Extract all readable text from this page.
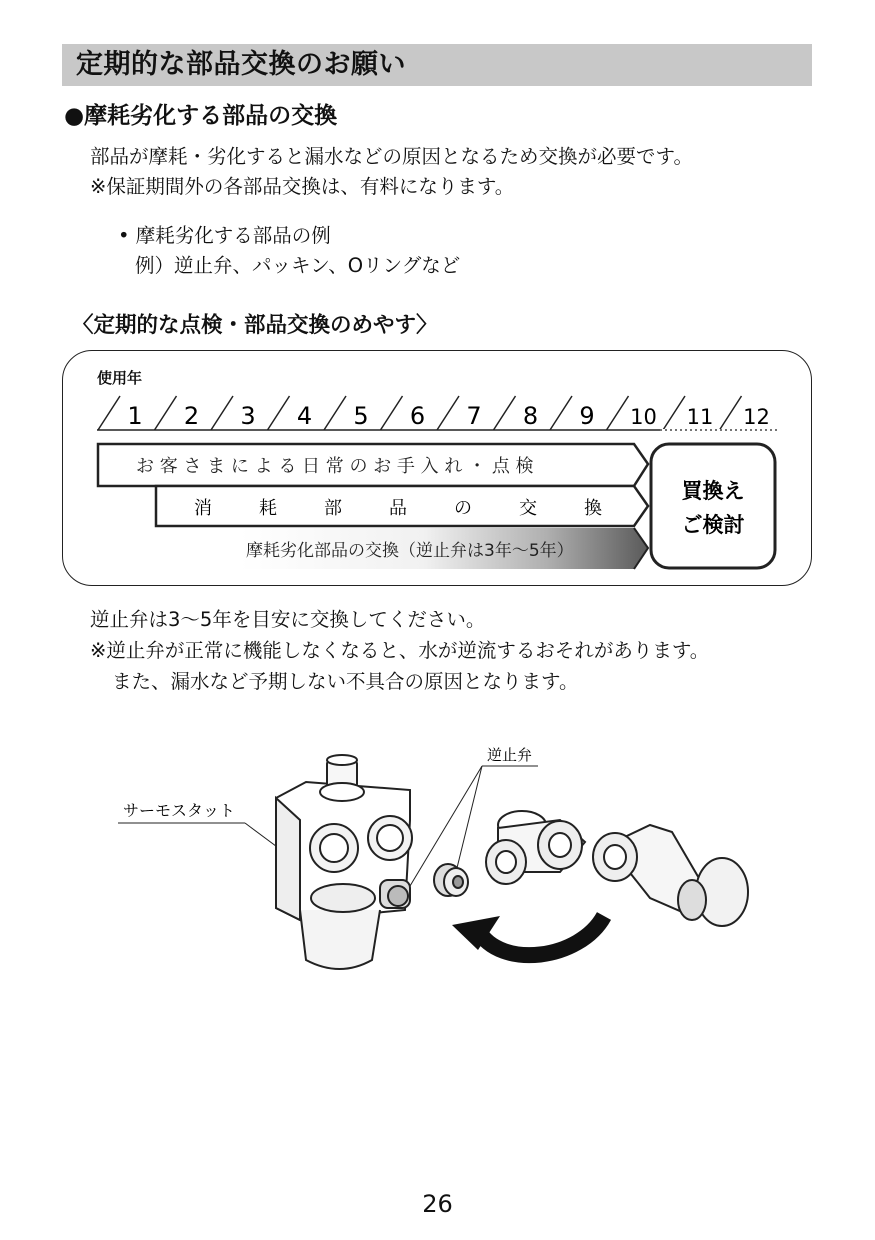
定期的な部品交換のお願い
●摩耗劣化する部品の交換
部品が摩耗・劣化すると漏水などの原因となるため交換が必要です。
※保証期間外の各部品交換は、有料になります。
• 摩耗劣化する部品の例
例）逆止弁、パッキン、Oリングなど
〈定期的な点検・部品交換のめやす〉
使用年
1 2 3 4 5 6 7 8 9 10 11 12
お 客 さ ま に よ る 日 常 の お 手 入 れ ・ 点 検
消	耗	部	品	の	交	換
摩耗劣化部品の交換（逆止弁は3年〜5年）
買換え
ご検討
逆止弁は3〜5年を目安に交換してください。
※逆止弁が正常に機能しなくなると、水が逆流するおそれがあります。
また、漏水など予期しない不具合の原因となります。
サーモスタット
逆止弁
26
